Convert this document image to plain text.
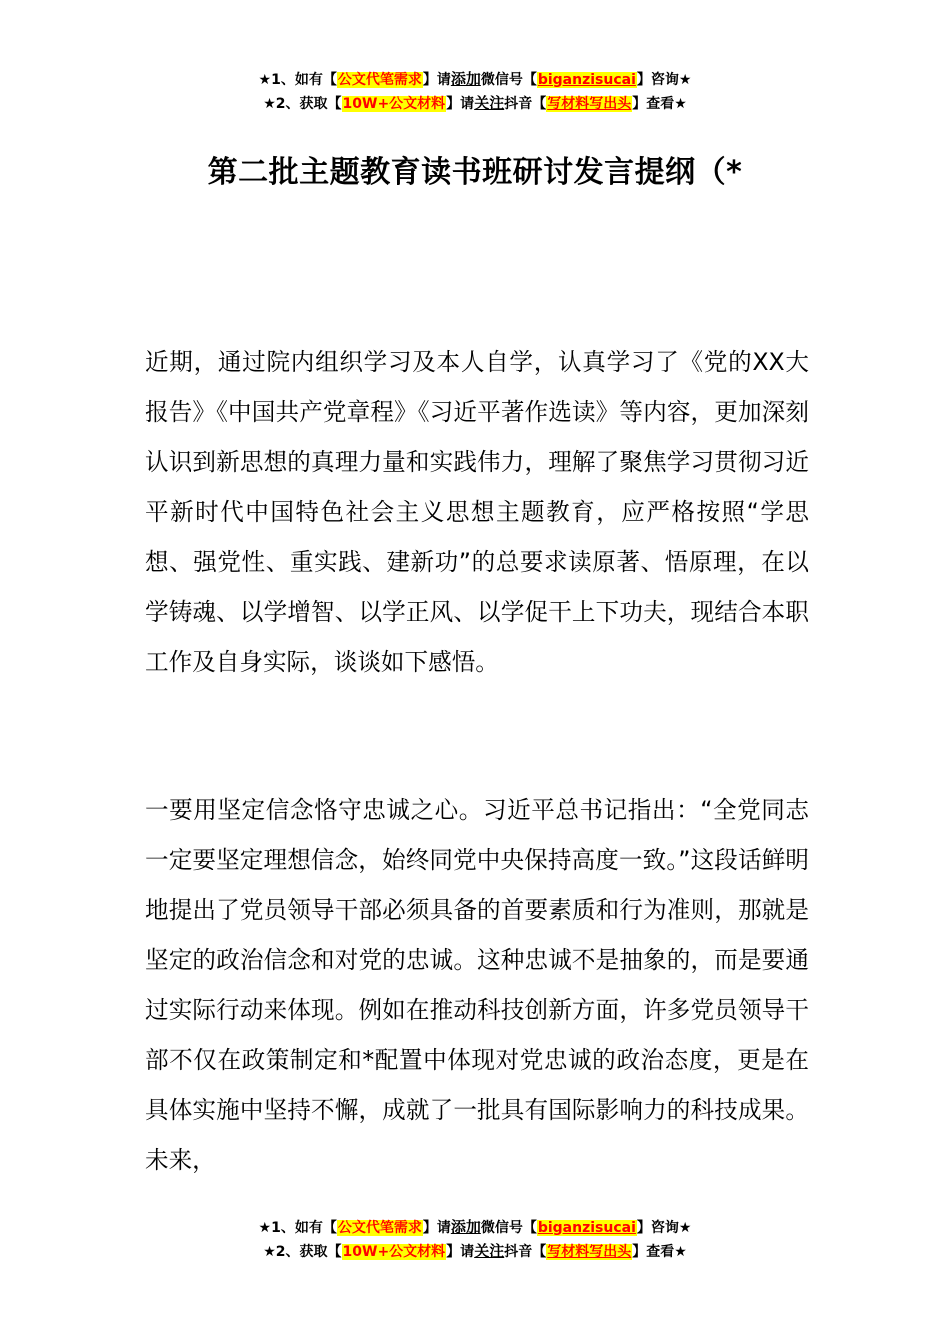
★1、如有【公文代笔需求】请添加微信号【biganzisucai】咨询★
★2、获取【10W+公文材料】请关注抖音【写材料写出头】查看★
第二批主题教育读书班研讨发言提纲（*

近期，通过院内组织学习及本人自学，认真学习了《党的XX大报告》《中国共产党章程》《习近平著作选读》等内容，更加深刻认识到新思想的真理力量和实践伟力，理解了聚焦学习贯彻习近平新时代中国特色社会主义思想主题教育，应严格按照“学思想、强党性、重实践、建新功”的总要求读原著、悟原理，在以学铸魂、以学增智、以学正风、以学促干上下功夫，现结合本职工作及自身实际，谈谈如下感悟。

一要用坚定信念恪守忠诚之心。习近平总书记指出：“全党同志一定要坚定理想信念，始终同党中央保持高度一致。”这段话鲜明地提出了党员领导干部必须具备的首要素质和行为准则，那就是坚定的政治信念和对党的忠诚。这种忠诚不是抽象的，而是要通过实际行动来体现。例如在推动科技创新方面，许多党员领导干部不仅在政策制定和*配置中体现对党忠诚的政治态度，更是在具体实施中坚持不懈，成就了一批具有国际影响力的科技成果。未来，

★1、如有【公文代笔需求】请添加微信号【biganzisucai】咨询★
★2、获取【10W+公文材料】请关注抖音【写材料写出头】查看★
